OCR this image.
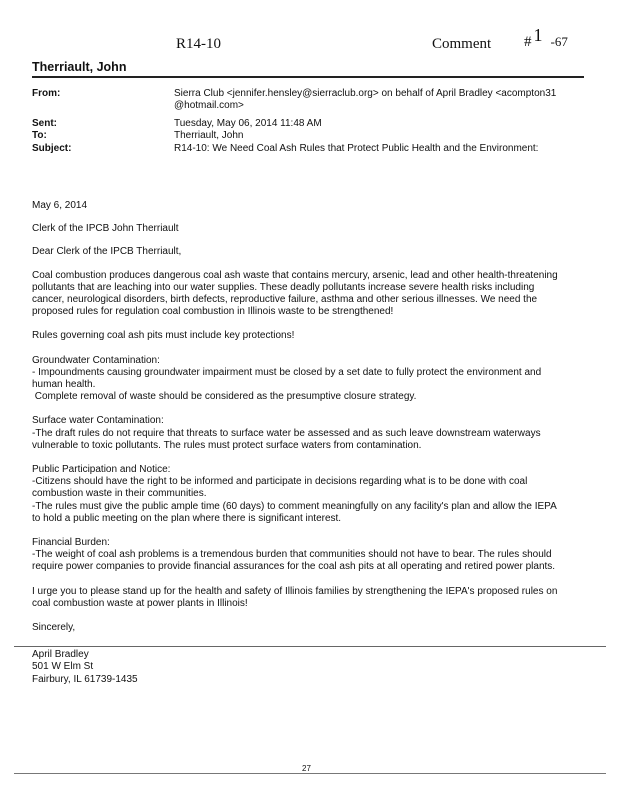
R14-10	Comment # 1 -67
Therriault, John
From:	Sierra Club <jennifer.hensley@sierraclub.org> on behalf of April Bradley <acompton31
@hotmail.com>
Sent:	Tuesday, May 06, 2014 11:48 AM
To:	Therriault, John
Subject:	R14-10: We Need Coal Ash Rules that Protect Public Health and the Environment:

May 6, 2014

Clerk of the IPCB John Therriault

Dear Clerk of the IPCB Therriault,

Coal combustion produces dangerous coal ash waste that contains mercury, arsenic, lead and other health-threatening
pollutants that are leaching into our water supplies. These deadly pollutants increase severe health risks including
cancer, neurological disorders, birth defects, reproductive failure, asthma and other serious illnesses. We need the
proposed rules for regulation coal combustion in Illinois waste to be strengthened!

Rules governing coal ash pits must include key protections!

Groundwater Contamination:
- Impoundments causing groundwater impairment must be closed by a set date to fully protect the environment and
human health.
Complete removal of waste should be considered as the presumptive closure strategy.

Surface water Contamination:
-The draft rules do not require that threats to surface water be assessed and as such leave downstream waterways
vulnerable to toxic pollutants. The rules must protect surface waters from contamination.

Public Participation and Notice:
-Citizens should have the right to be informed and participate in decisions regarding what is to be done with coal
combustion waste in their communities.
-The rules must give the public ample time (60 days) to comment meaningfully on any facility's plan and allow the IEPA
to hold a public meeting on the plan where there is significant interest.

Financial Burden:
-The weight of coal ash problems is a tremendous burden that communities should not have to bear. The rules should
require power companies to provide financial assurances for the coal ash pits at all operating and retired power plants.

I urge you to please stand up for the health and safety of Illinois families by strengthening the IEPA's proposed rules on
coal combustion waste at power plants in Illinois!

Sincerely,

April Bradley
501 W Elm St
Fairbury, IL 61739-1435

27
